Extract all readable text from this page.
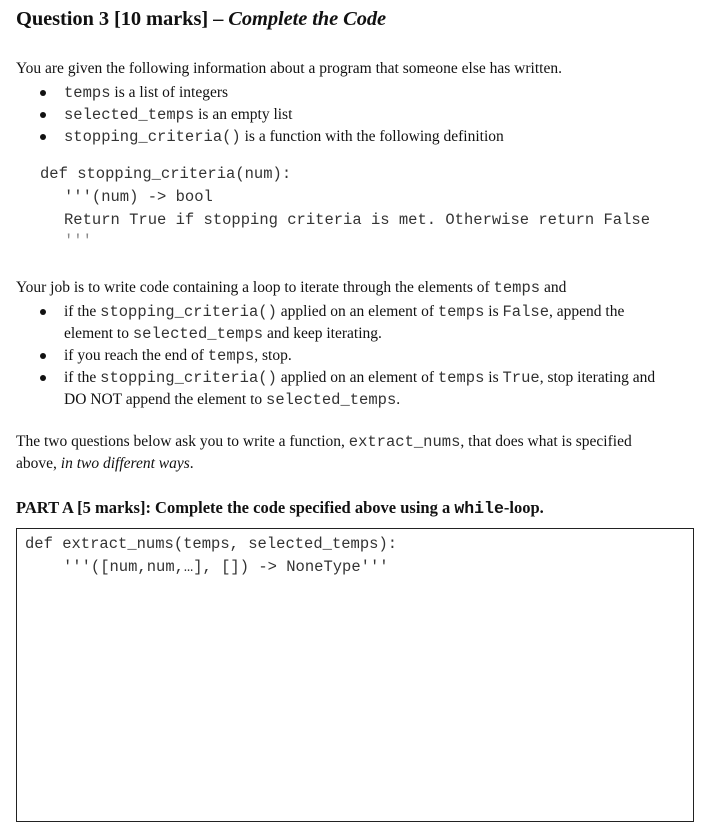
Question 3 [10 marks] – Complete the Code
You are given the following information about a program that someone else has written.
temps is a list of integers
selected_temps is an empty list
stopping_criteria() is a function with the following definition
def stopping_criteria(num):
'''(num) -> bool
Return True if stopping criteria is met. Otherwise return False
'''
Your job is to write code containing a loop to iterate through the elements of temps and
if the stopping_criteria() applied on an element of temps is False, append the
element to selected_temps and keep iterating.
if you reach the end of temps, stop.
if the stopping_criteria() applied on an element of temps is True, stop iterating and
DO NOT append the element to selected_temps.
The two questions below ask you to write a function, extract_nums, that does what is specified
above, in two different ways.
PART A [5 marks]: Complete the code specified above using a while-loop.
def extract_nums(temps, selected_temps):
'''([num,num,…], []) -> NoneType'''
